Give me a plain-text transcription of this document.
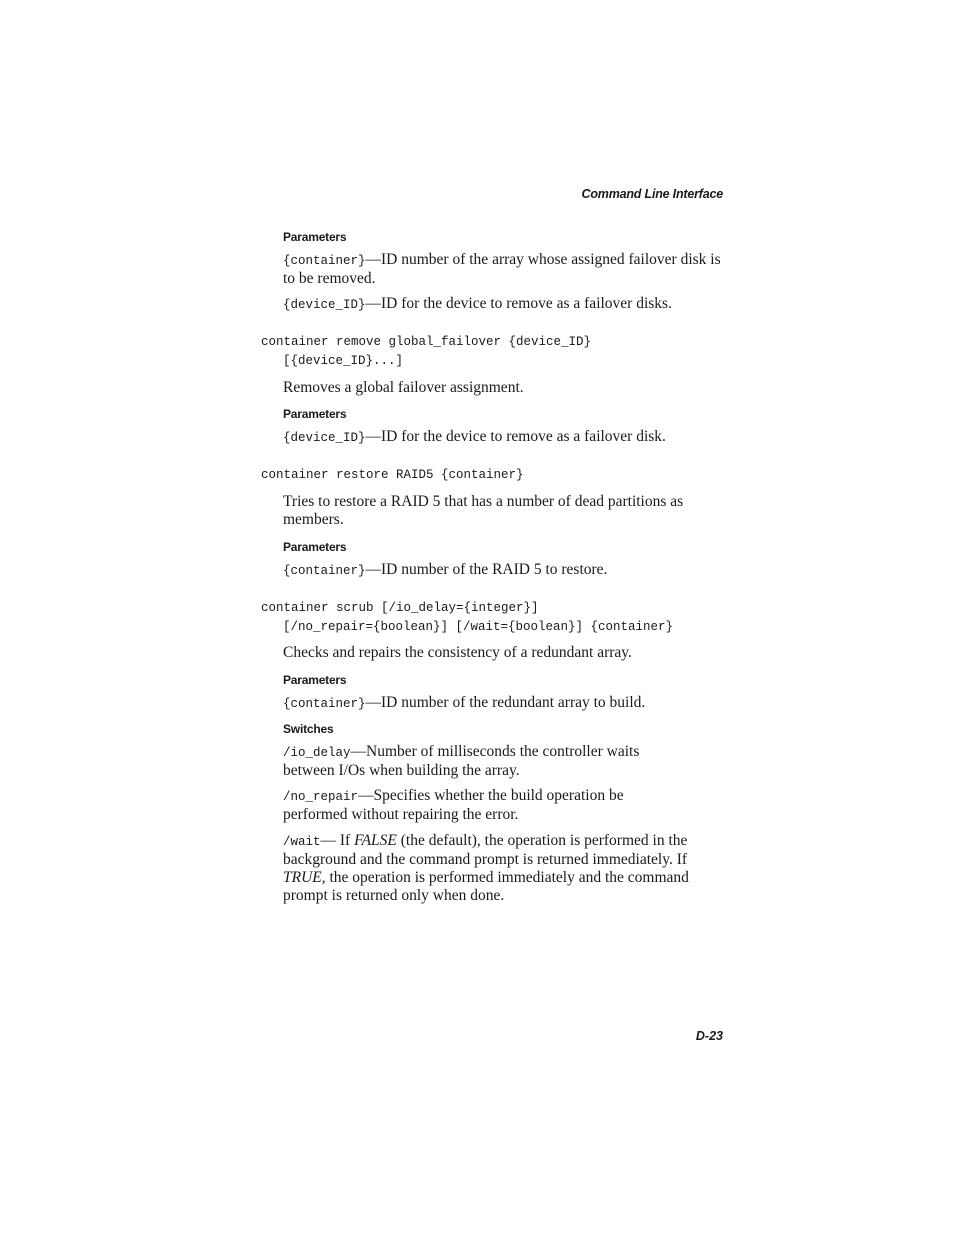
Command Line Interface
Parameters

{container}—ID number of the array whose assigned failover disk is to be removed.

{device_ID}—ID for the device to remove as a failover disks.

container remove global_failover {device_ID}
[{device_ID}...]

Removes a global failover assignment.

Parameters

{device_ID}—ID for the device to remove as a failover disk.

container restore RAID5 {container}

Tries to restore a RAID 5 that has a number of dead partitions as members.

Parameters

{container}—ID number of the RAID 5 to restore.

container scrub [/io_delay={integer}]
[/no_repair={boolean}] [/wait={boolean}] {container}

Checks and repairs the consistency of a redundant array.

Parameters

{container}—ID number of the redundant array to build.

Switches

/io_delay—Number of milliseconds the controller waits between I/Os when building the array.

/no_repair—Specifies whether the build operation be performed without repairing the error.

/wait— If FALSE (the default), the operation is performed in the background and the command prompt is returned immediately. If TRUE, the operation is performed immediately and the command prompt is returned only when done.

D-23
